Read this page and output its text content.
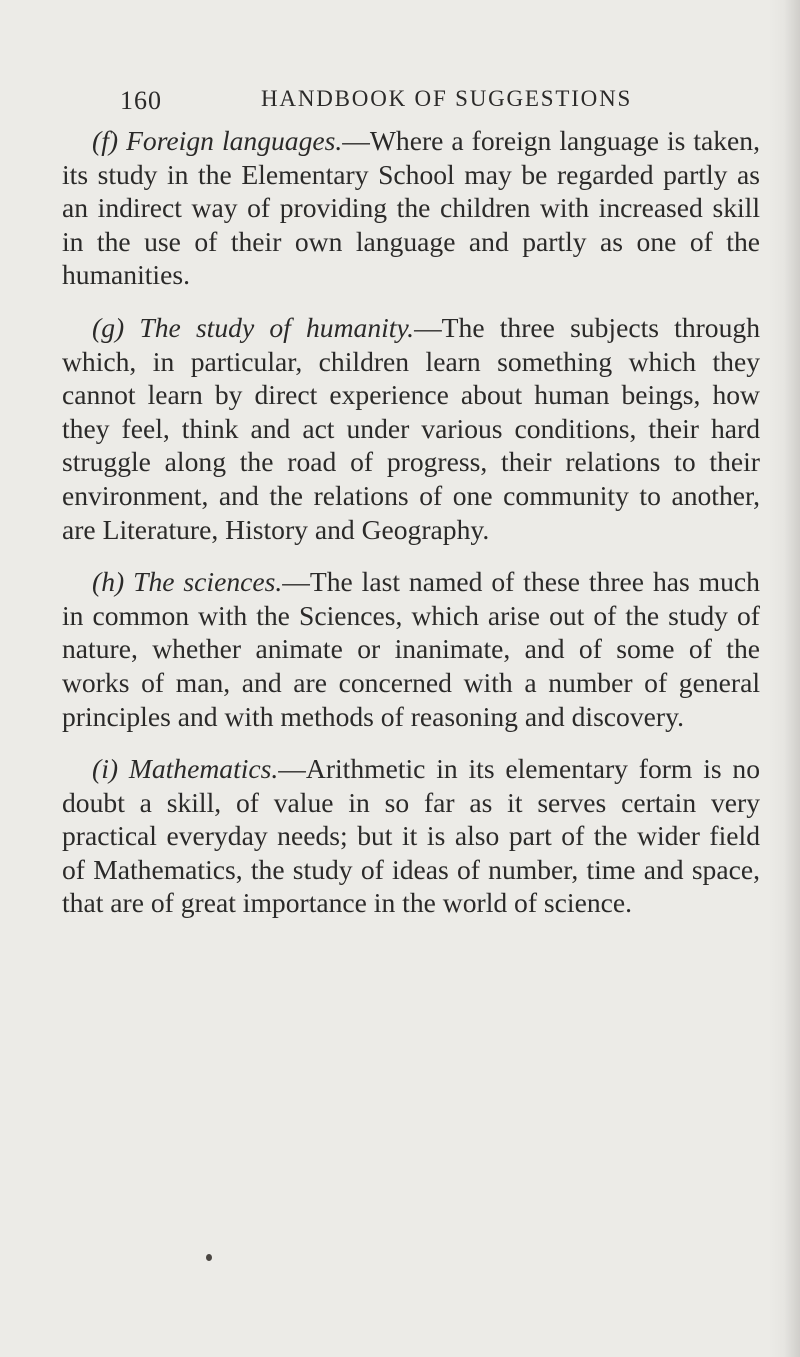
160	HANDBOOK OF SUGGESTIONS

(f) Foreign languages.—Where a foreign language is taken, its study in the Elementary School may be regarded partly as an indirect way of providing the children with increased skill in the use of their own language and partly as one of the humanities.

(g) The study of humanity.—The three subjects through which, in particular, children learn something which they cannot learn by direct experience about human beings, how they feel, think and act under various conditions, their hard struggle along the road of progress, their relations to their environment, and the relations of one community to another, are Literature, History and Geography.

(h) The sciences.—The last named of these three has much in common with the Sciences, which arise out of the study of nature, whether animate or inanimate, and of some of the works of man, and are concerned with a number of general principles and with methods of reasoning and discovery.

(i) Mathematics.—Arithmetic in its elementary form is no doubt a skill, of value in so far as it serves certain very practical everyday needs; but it is also part of the wider field of Mathematics, the study of ideas of number, time and space, that are of great importance in the world of science.
